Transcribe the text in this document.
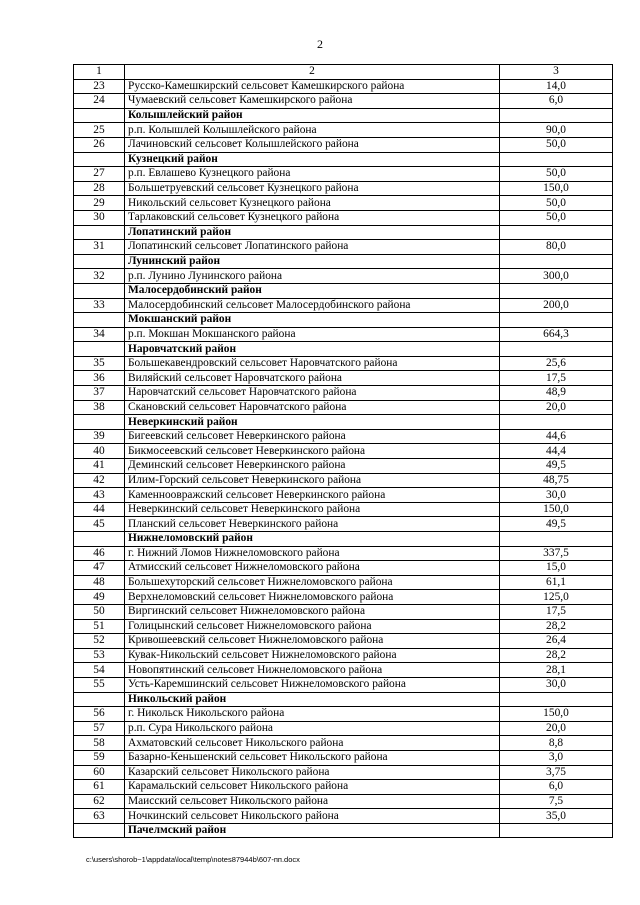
2
1	2	3
23	Русско-Камешкирский сельсовет Камешкирского района	14,0
24	Чумаевский сельсовет Камешкирского района	6,0
	Колышлейский район	
25	р.п. Колышлей Колышлейского района	90,0
26	Лачиновский сельсовет Колышлейского района	50,0
	Кузнецкий район	
27	р.п. Евлашево Кузнецкого района	50,0
28	Большетруевский сельсовет Кузнецкого района	150,0
29	Никольский сельсовет Кузнецкого района	50,0
30	Тарлаковский сельсовет Кузнецкого района	50,0
	Лопатинский район	
31	Лопатинский сельсовет Лопатинского района	80,0
	Лунинский район	
32	р.п. Лунино Лунинского района	300,0
	Малосердобинский район	
33	Малосердобинский сельсовет Малосердобинского района	200,0
	Мокшанский район	
34	р.п. Мокшан Мокшанского района	664,3
	Наровчатский район	
35	Большекавендровский сельсовет Наровчатского района	25,6
36	Виляйский сельсовет Наровчатского района	17,5
37	Наровчатский сельсовет Наровчатского района	48,9
38	Скановский сельсовет Наровчатского района	20,0
	Неверкинский район	
39	Бигеевский сельсовет Неверкинского района	44,6
40	Бикмосеевский сельсовет Неверкинского района	44,4
41	Деминский сельсовет Неверкинского района	49,5
42	Илим-Горский сельсовет Неверкинского района	48,75
43	Каменноовражский сельсовет Неверкинского района	30,0
44	Неверкинский сельсовет Неверкинского района	150,0
45	Планский сельсовет Неверкинского района	49,5
	Нижнеломовский район	
46	г. Нижний Ломов Нижнеломовского района	337,5
47	Атмисский сельсовет Нижнеломовского района	15,0
48	Большехуторский сельсовет Нижнеломовского района	61,1
49	Верхнеломовский сельсовет Нижнеломовского района	125,0
50	Виргинский сельсовет Нижнеломовского района	17,5
51	Голицынский сельсовет Нижнеломовского района	28,2
52	Кривошеевский сельсовет Нижнеломовского района	26,4
53	Кувак-Никольский сельсовет Нижнеломовского района	28,2
54	Новопятинский сельсовет Нижнеломовского района	28,1
55	Усть-Каремшинский сельсовет Нижнеломовского района	30,0
	Никольский район	
56	г. Никольск Никольского района	150,0
57	р.п. Сура Никольского района	20,0
58	Ахматовский сельсовет Никольского района	8,8
59	Базарно-Кеньшенский сельсовет Никольского района	3,0
60	Казарский сельсовет Никольского района	3,75
61	Карамальский сельсовет Никольского района	6,0
62	Маисский сельсовет Никольского района	7,5
63	Ночкинский сельсовет Никольского района	35,0
	Пачелмский район	
c:\users\shorob~1\appdata\local\temp\notes87944b\607-пп.docx
